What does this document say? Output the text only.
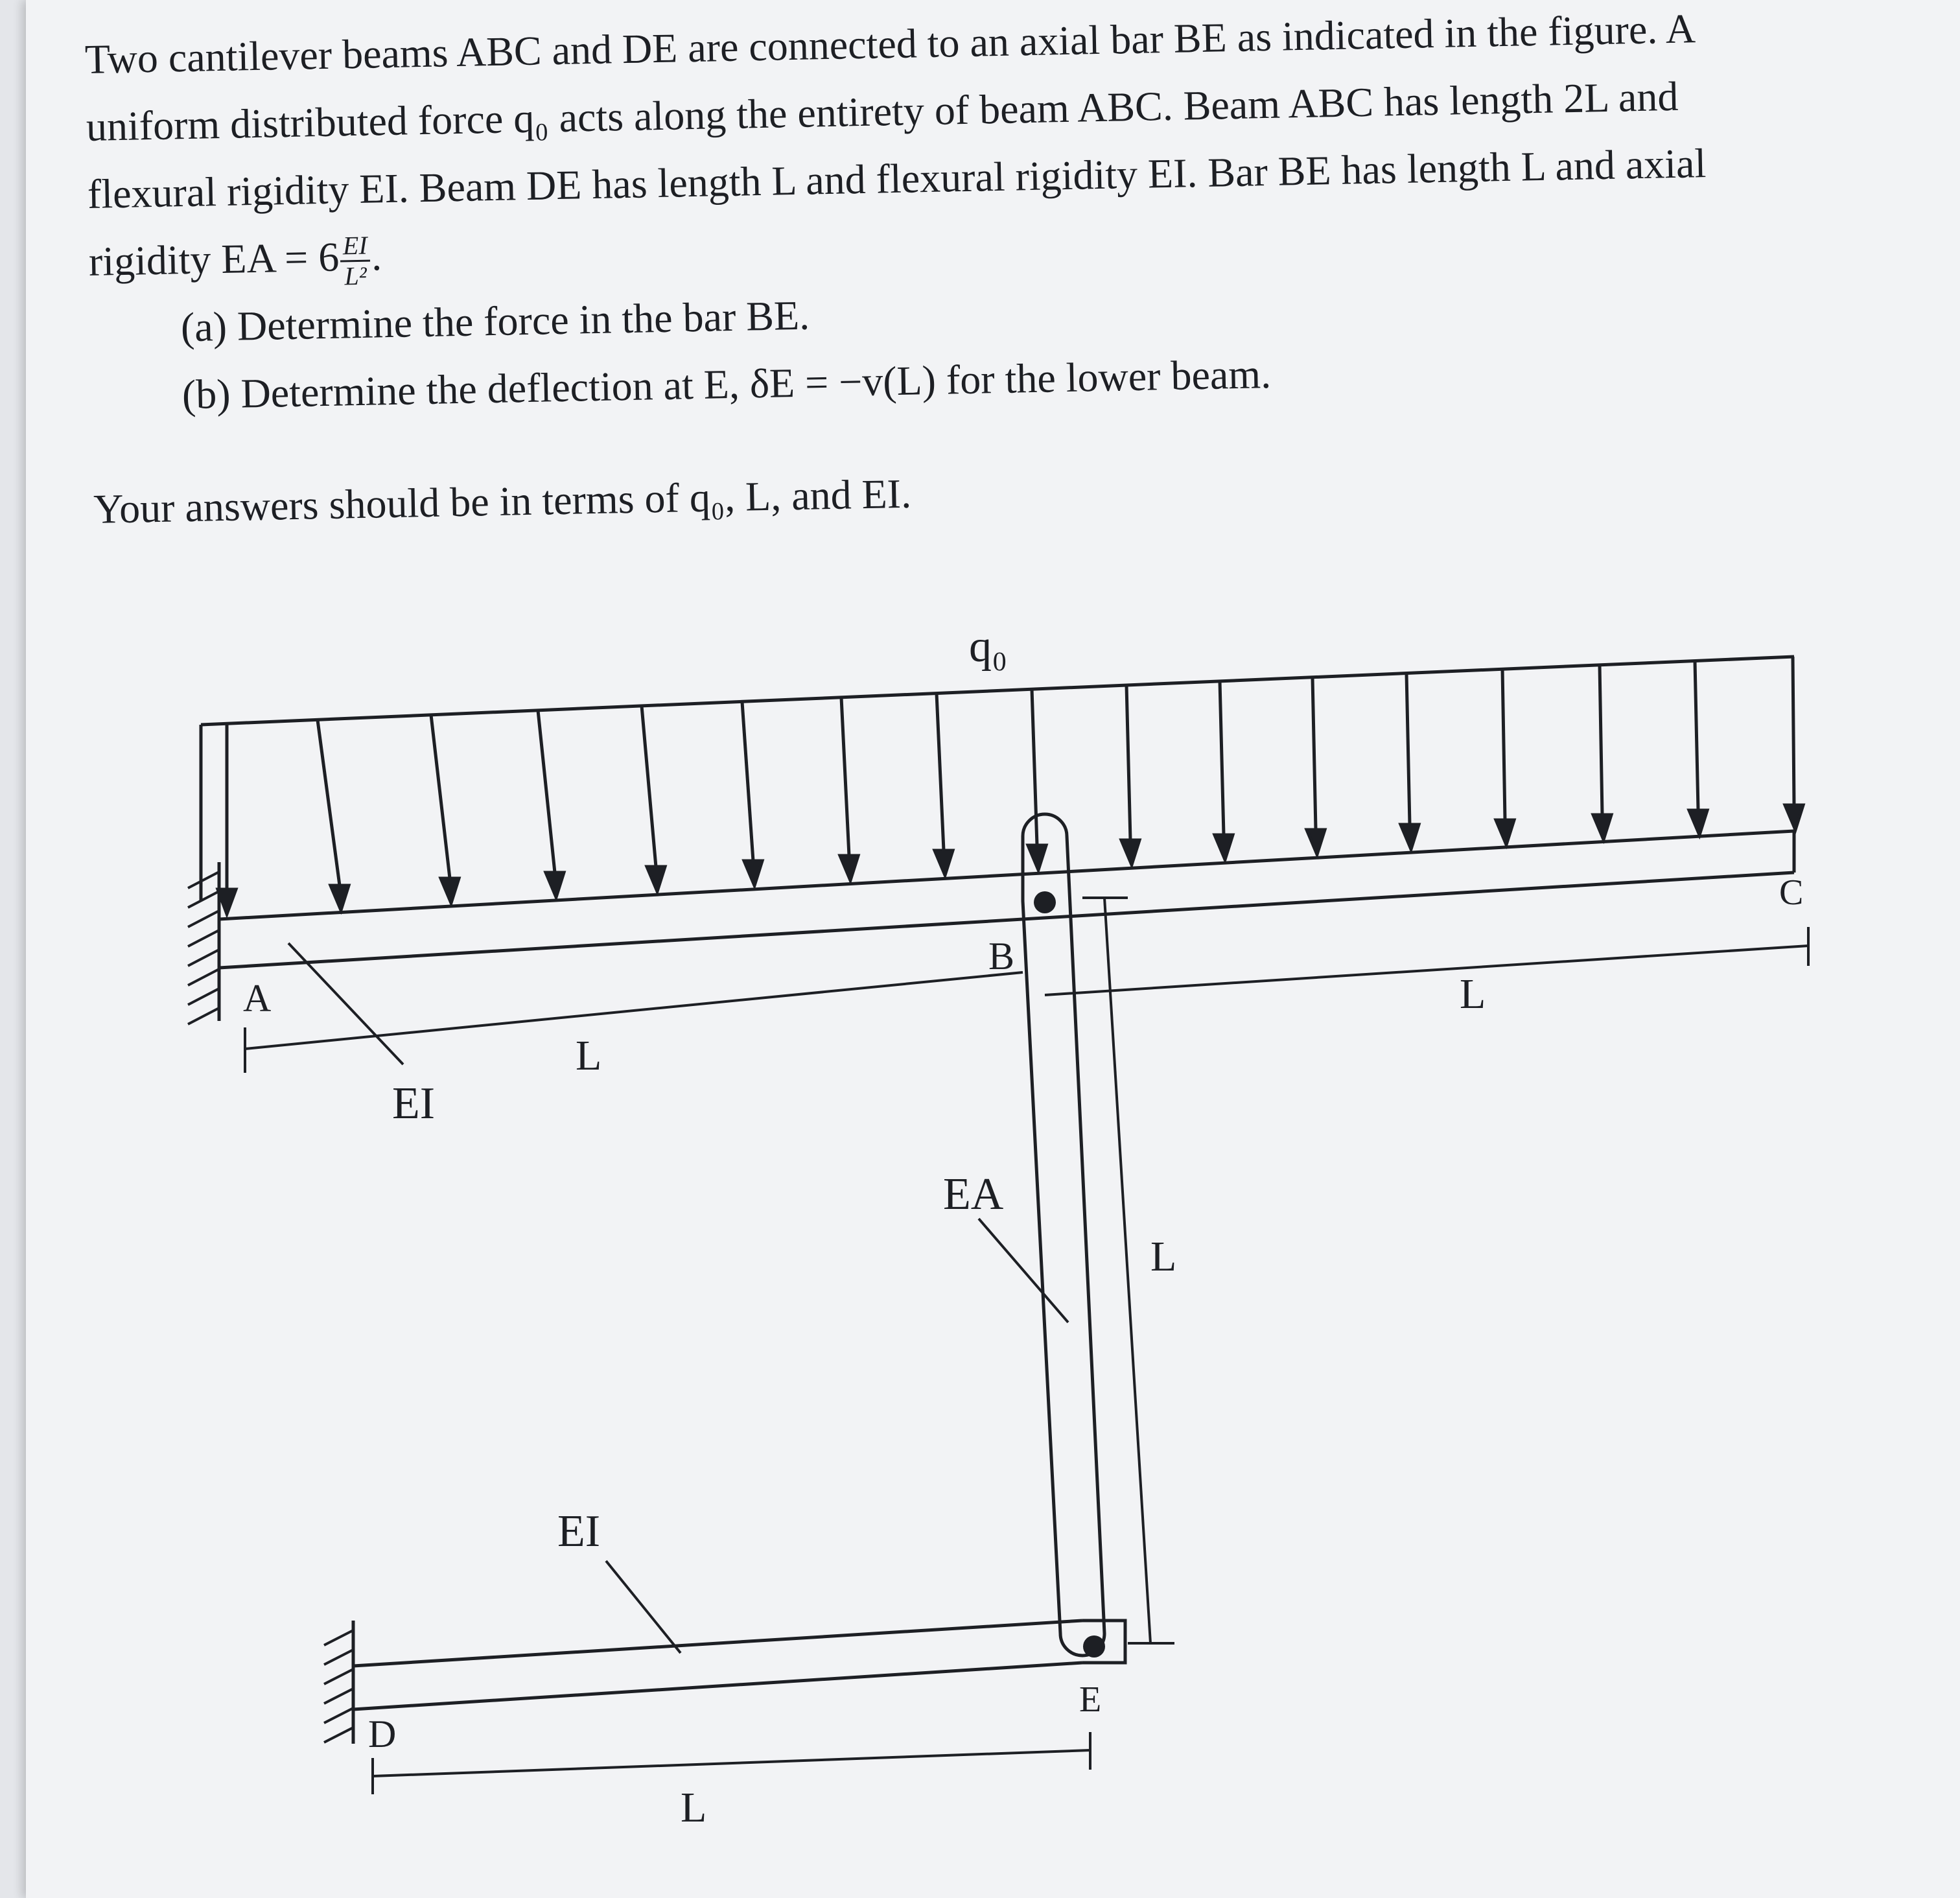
Two cantilever beams ABC and DE are connected to an axial bar BE as indicated in the figure. A uniform distributed force q₀ acts along the entirety of beam ABC. Beam ABC has length 2L and flexural rigidity EI. Beam DE has length L and flexural rigidity EI. Bar BE has length L and axial rigidity EA = $6 \frac{EI}{\text{L²}}$ .

(a) Determine the force in the bar BE.

(b) Determine the deflection at E, δE = −v(L) for the lower beam.

Your answers should be in terms of q₀, L, and EI.

q₀
A
B
C
D
E
EI
EI
EA
L
L
L
L
